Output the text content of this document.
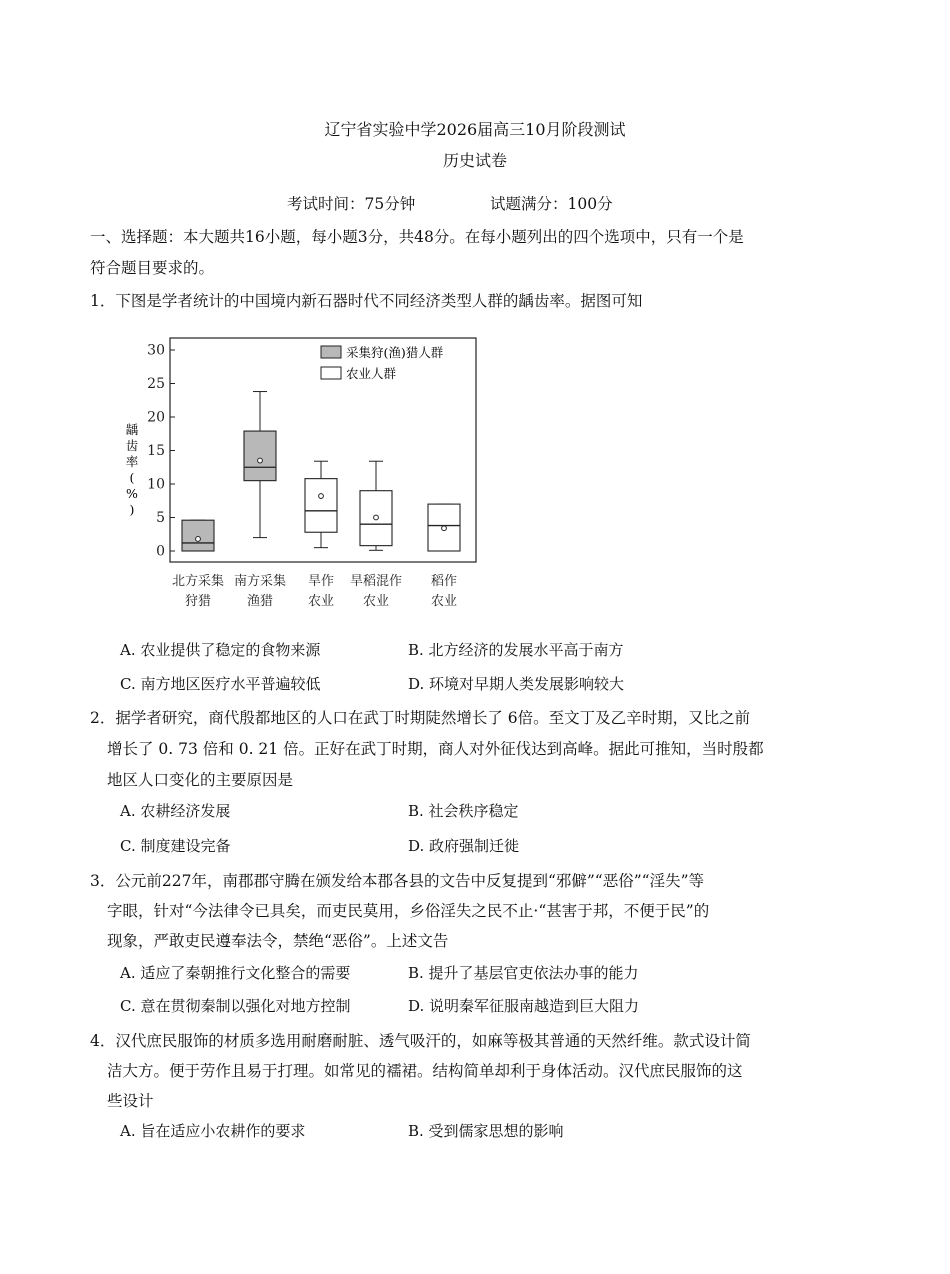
辽宁省实验中学2026届高三10月阶段测试
历史试卷
考试时间：75分钟	试题满分：100分
一、选择题：本大题共16小题，每小题3分，共48分。在每小题列出的四个选项中，只有一个是
符合题目要求的。
1．下图是学者统计的中国境内新石器时代不同经济类型人群的龋齿率。据图可知
0
5
10
15
20
25
30
北方采集
狩猎
南方采集
渔猎
旱作
农业
旱稻混作
农业
稻作
农业
龋齿率( % )
采集狩(渔)猎人群
农业人群
A. 农业提供了稳定的食物来源	B. 北方经济的发展水平高于南方
C. 南方地区医疗水平普遍较低	D. 环境对早期人类发展影响较大
2．据学者研究，商代殷都地区的人口在武丁时期陡然增长了 6倍。至文丁及乙辛时期，又比之前
增长了 0. 73 倍和 0. 21 倍。正好在武丁时期，商人对外征伐达到高峰。据此可推知，当时殷都
地区人口变化的主要原因是
A. 农耕经济发展	B. 社会秩序稳定
C. 制度建设完备	D. 政府强制迁徙
3．公元前227年，南郡郡守腾在颁发给本郡各县的文告中反复提到“邪僻”“恶俗”“淫失”等
字眼，针对“今法律令已具矣，而吏民莫用，乡俗淫失之民不止·“甚害于邦，不便于民”的
现象，严敢吏民遵奉法令，禁绝“恶俗”。上述文告
A. 适应了秦朝推行文化整合的需要	B. 提升了基层官吏依法办事的能力
C. 意在贯彻秦制以强化对地方控制	D. 说明秦军征服南越造到巨大阻力
4．汉代庶民服饰的材质多选用耐磨耐脏、透气吸汗的，如麻等极其普通的天然纤维。款式设计简
洁大方。便于劳作且易于打理。如常见的襦裙。结构简单却利于身体活动。汉代庶民服饰的这
些设计
A. 旨在适应小农耕作的要求	B. 受到儒家思想的影响
